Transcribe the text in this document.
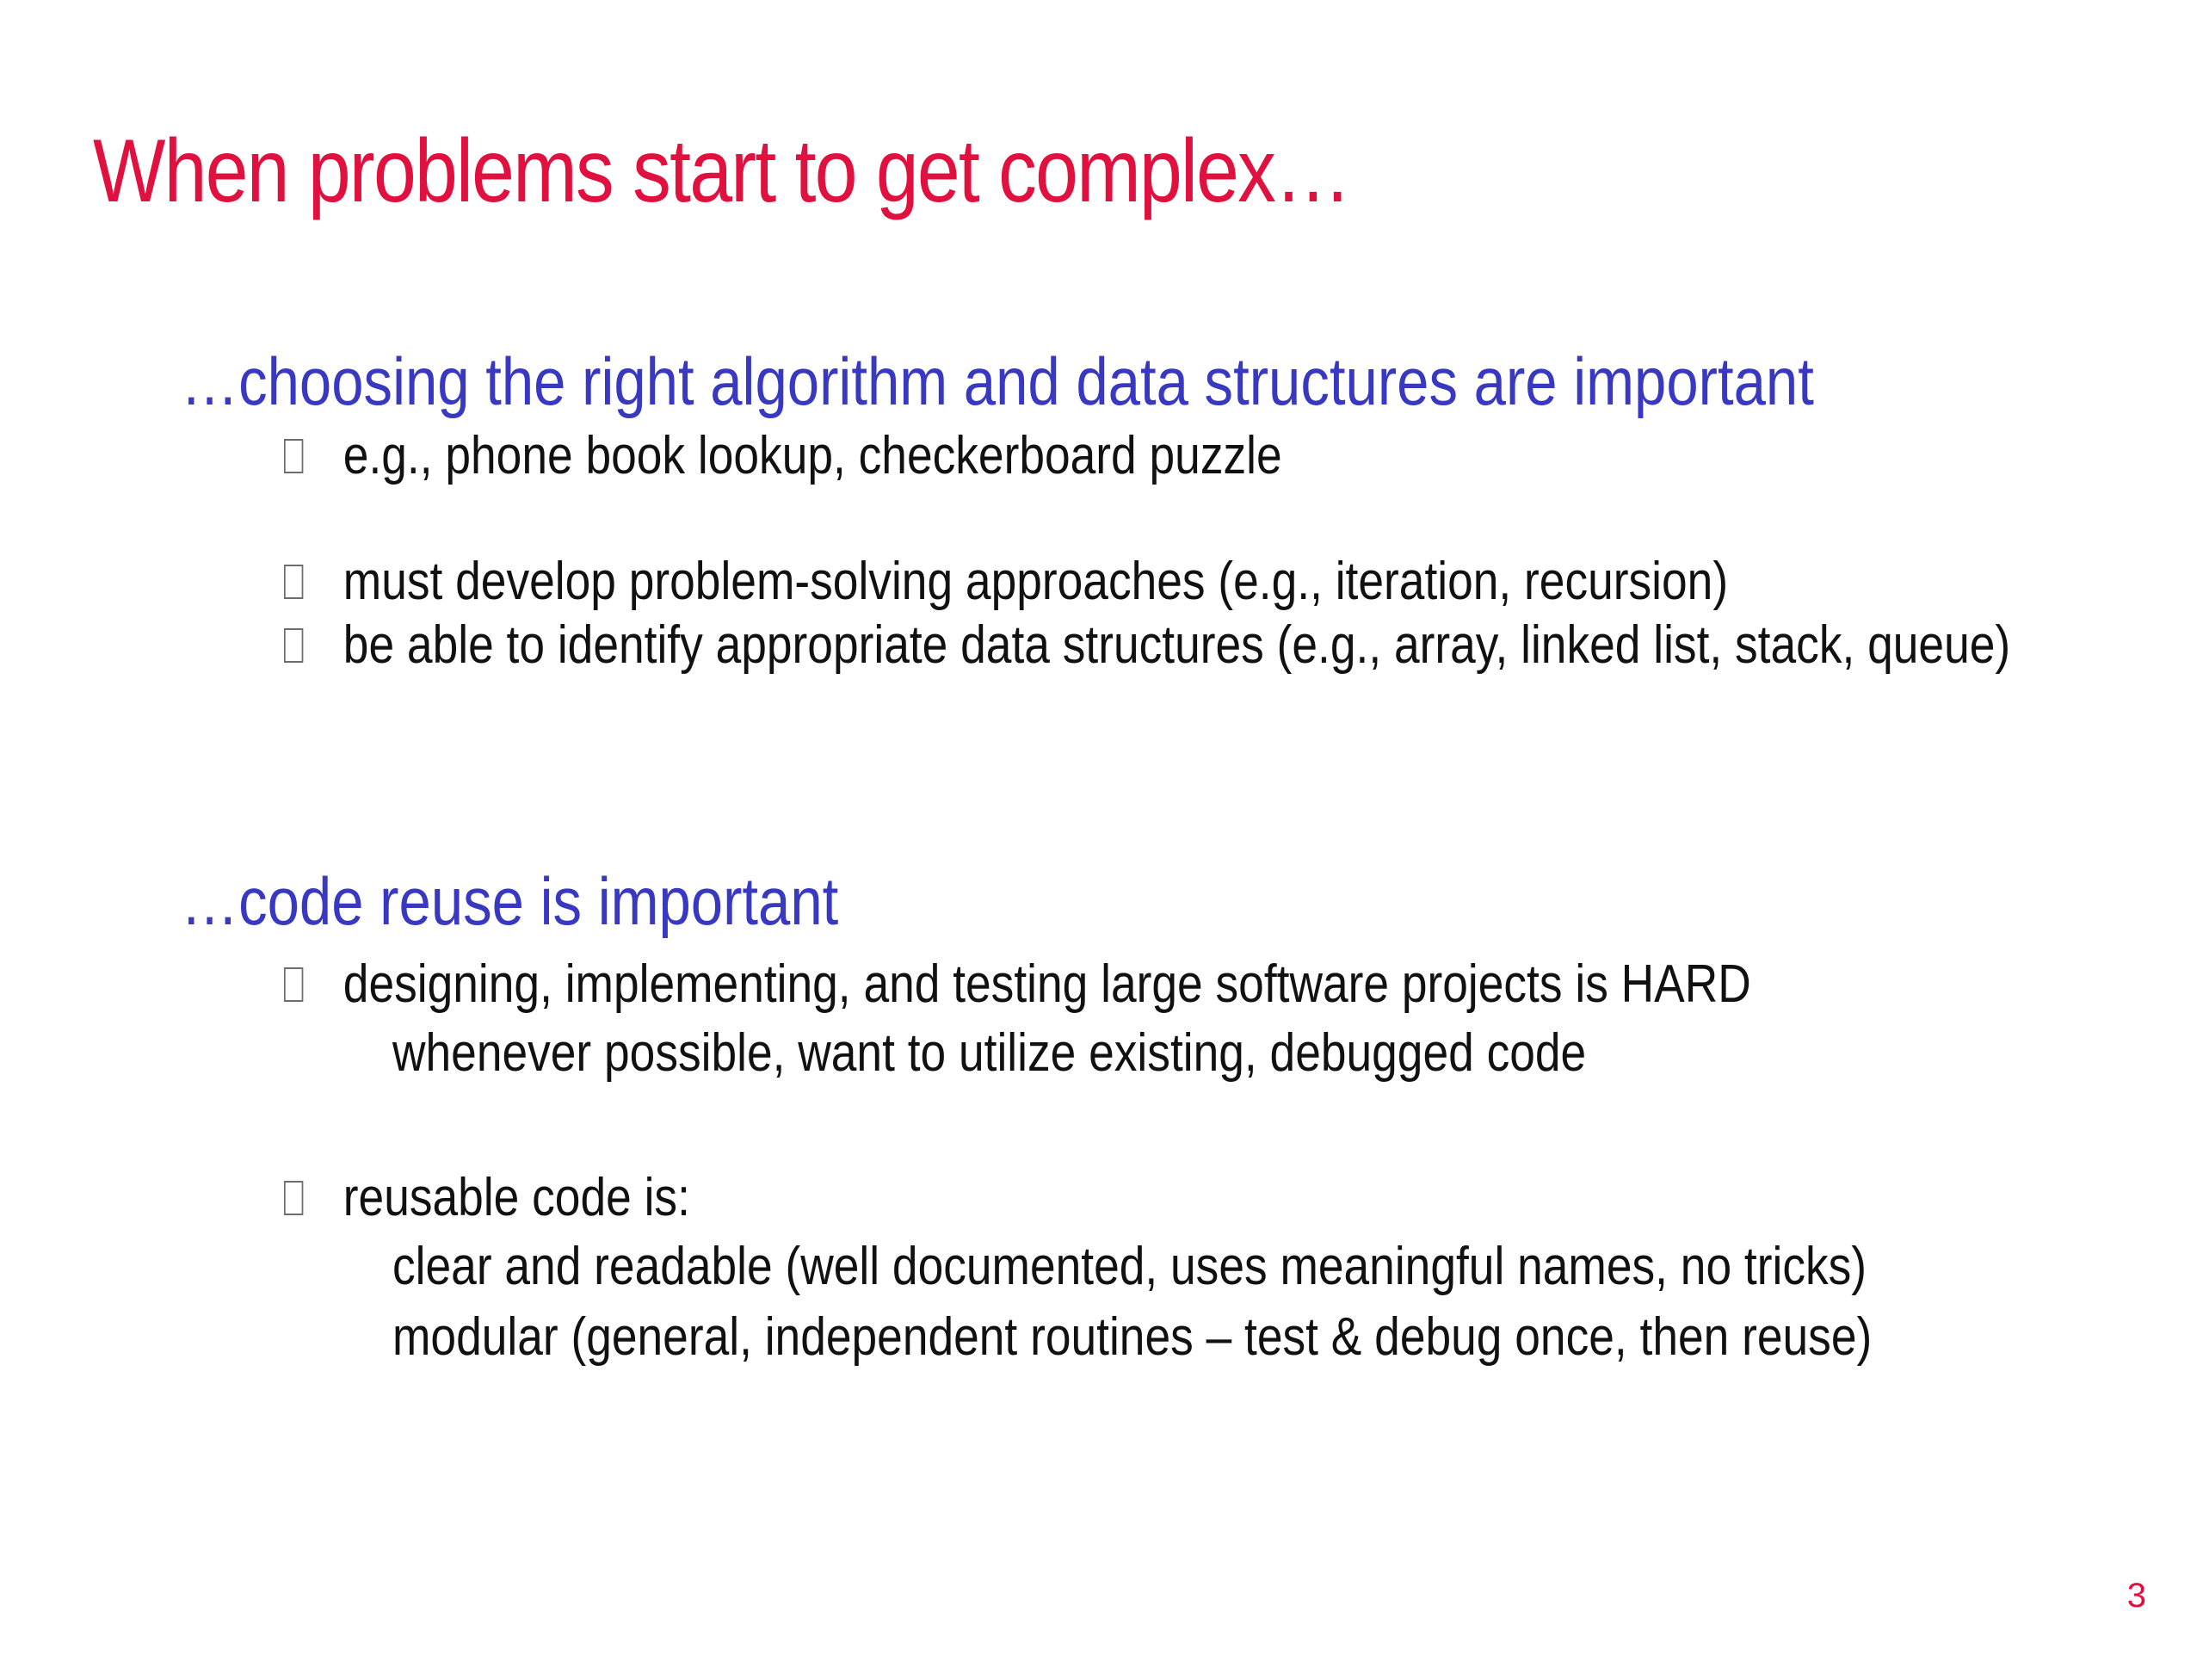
When problems start to get complex…
…choosing the right algorithm and data structures are important
e.g., phone book lookup, checkerboard puzzle
must develop problem-solving approaches (e.g., iteration, recursion)
be able to identify appropriate data structures (e.g., array, linked list, stack, queue)
…code reuse is important
designing, implementing, and testing large software projects is HARD
whenever possible, want to utilize existing, debugged code
reusable code is:
clear and readable (well documented, uses meaningful names, no tricks)
modular (general, independent routines – test & debug once, then reuse)
3
